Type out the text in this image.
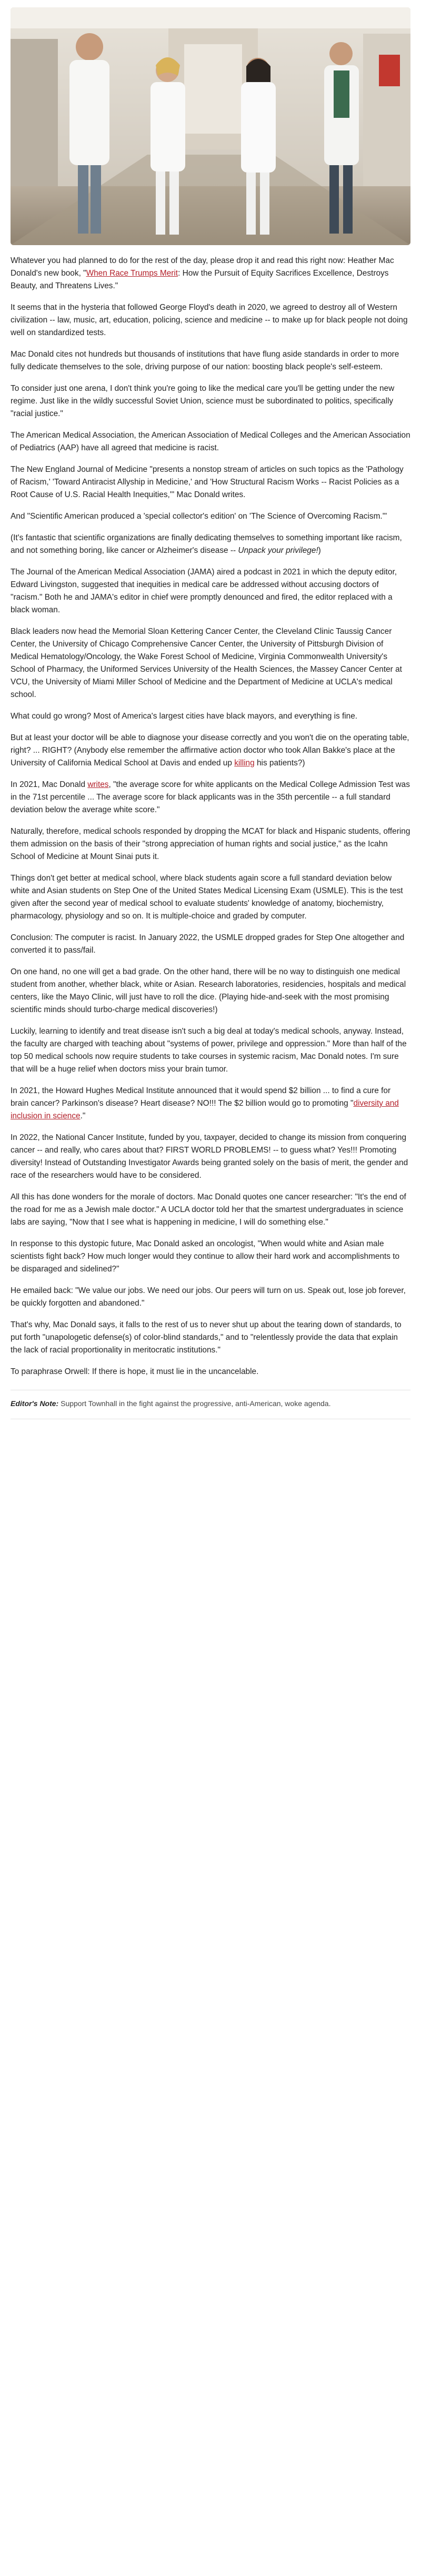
Whatever you had planned to do for the rest of the day, please drop it and read this right now: Heather Mac Donald's new book, "When Race Trumps Merit: How the Pursuit of Equity Sacrifices Excellence, Destroys Beauty, and Threatens Lives."

It seems that in the hysteria that followed George Floyd's death in 2020, we agreed to destroy all of Western civilization -- law, music, art, education, policing, science and medicine -- to make up for black people not doing well on standardized tests.

Mac Donald cites not hundreds but thousands of institutions that have flung aside standards in order to more fully dedicate themselves to the sole, driving purpose of our nation: boosting black people's self-esteem.

To consider just one arena, I don't think you're going to like the medical care you'll be getting under the new regime. Just like in the wildly successful Soviet Union, science must be subordinated to politics, specifically "racial justice."

The American Medical Association, the American Association of Medical Colleges and the American Association of Pediatrics (AAP) have all agreed that medicine is racist.

The New England Journal of Medicine "presents a nonstop stream of articles on such topics as the 'Pathology of Racism,' 'Toward Antiracist Allyship in Medicine,' and 'How Structural Racism Works -- Racist Policies as a Root Cause of U.S. Racial Health Inequities,'" Mac Donald writes.

And "Scientific American produced a 'special collector's edition' on 'The Science of Overcoming Racism.'"

(It's fantastic that scientific organizations are finally dedicating themselves to something important like racism, and not something boring, like cancer or Alzheimer's disease -- Unpack your privilege!)

The Journal of the American Medical Association (JAMA) aired a podcast in 2021 in which the deputy editor, Edward Livingston, suggested that inequities in medical care be addressed without accusing doctors of "racism." Both he and JAMA's editor in chief were promptly denounced and fired, the editor replaced with a black woman.

Black leaders now head the Memorial Sloan Kettering Cancer Center, the Cleveland Clinic Taussig Cancer Center, the University of Chicago Comprehensive Cancer Center, the University of Pittsburgh Division of Medical Hematology/Oncology, the Wake Forest School of Medicine, Virginia Commonwealth University's School of Pharmacy, the Uniformed Services University of the Health Sciences, the Massey Cancer Center at VCU, the University of Miami Miller School of Medicine and the Department of Medicine at UCLA's medical school.

What could go wrong? Most of America's largest cities have black mayors, and everything is fine.

But at least your doctor will be able to diagnose your disease correctly and you won't die on the operating table, right? ... RIGHT? (Anybody else remember the affirmative action doctor who took Allan Bakke's place at the University of California Medical School at Davis and ended up killing his patients?)

In 2021, Mac Donald writes, "the average score for white applicants on the Medical College Admission Test was in the 71st percentile ... The average score for black applicants was in the 35th percentile -- a full standard deviation below the average white score."

Naturally, therefore, medical schools responded by dropping the MCAT for black and Hispanic students, offering them admission on the basis of their "strong appreciation of human rights and social justice," as the Icahn School of Medicine at Mount Sinai puts it.

Things don't get better at medical school, where black students again score a full standard deviation below white and Asian students on Step One of the United States Medical Licensing Exam (USMLE). This is the test given after the second year of medical school to evaluate students' knowledge of anatomy, biochemistry, pharmacology, physiology and so on. It is multiple-choice and graded by computer.

Conclusion: The computer is racist. In January 2022, the USMLE dropped grades for Step One altogether and converted it to pass/fail.

On one hand, no one will get a bad grade. On the other hand, there will be no way to distinguish one medical student from another, whether black, white or Asian. Research laboratories, residencies, hospitals and medical centers, like the Mayo Clinic, will just have to roll the dice. (Playing hide-and-seek with the most promising scientific minds should turbo-charge medical discoveries!)

Luckily, learning to identify and treat disease isn't such a big deal at today's medical schools, anyway. Instead, the faculty are charged with teaching about "systems of power, privilege and oppression." More than half of the top 50 medical schools now require students to take courses in systemic racism, Mac Donald notes. I'm sure that will be a huge relief when doctors miss your brain tumor.

In 2021, the Howard Hughes Medical Institute announced that it would spend $2 billion ... to find a cure for brain cancer? Parkinson's disease? Heart disease? NO!!! The $2 billion would go to promoting "diversity and inclusion in science."

In 2022, the National Cancer Institute, funded by you, taxpayer, decided to change its mission from conquering cancer -- and really, who cares about that? FIRST WORLD PROBLEMS! -- to guess what? Yes!!! Promoting diversity! Instead of Outstanding Investigator Awards being granted solely on the basis of merit, the gender and race of the researchers would have to be considered.

All this has done wonders for the morale of doctors. Mac Donald quotes one cancer researcher: "It's the end of the road for me as a Jewish male doctor." A UCLA doctor told her that the smartest undergraduates in science labs are saying, "Now that I see what is happening in medicine, I will do something else."

In response to this dystopic future, Mac Donald asked an oncologist, "When would white and Asian male scientists fight back? How much longer would they continue to allow their hard work and accomplishments to be disparaged and sidelined?"

He emailed back: "We value our jobs. We need our jobs. Our peers will turn on us. Speak out, lose job forever, be quickly forgotten and abandoned."

That's why, Mac Donald says, it falls to the rest of us to never shut up about the tearing down of standards, to put forth "unapologetic defense(s) of color-blind standards," and to "relentlessly provide the data that explain the lack of racial proportionality in meritocratic institutions."

To paraphrase Orwell: If there is hope, it must lie in the uncancelable.

Editor's Note: Support Townhall in the fight against the progressive, anti-American, woke agenda.
